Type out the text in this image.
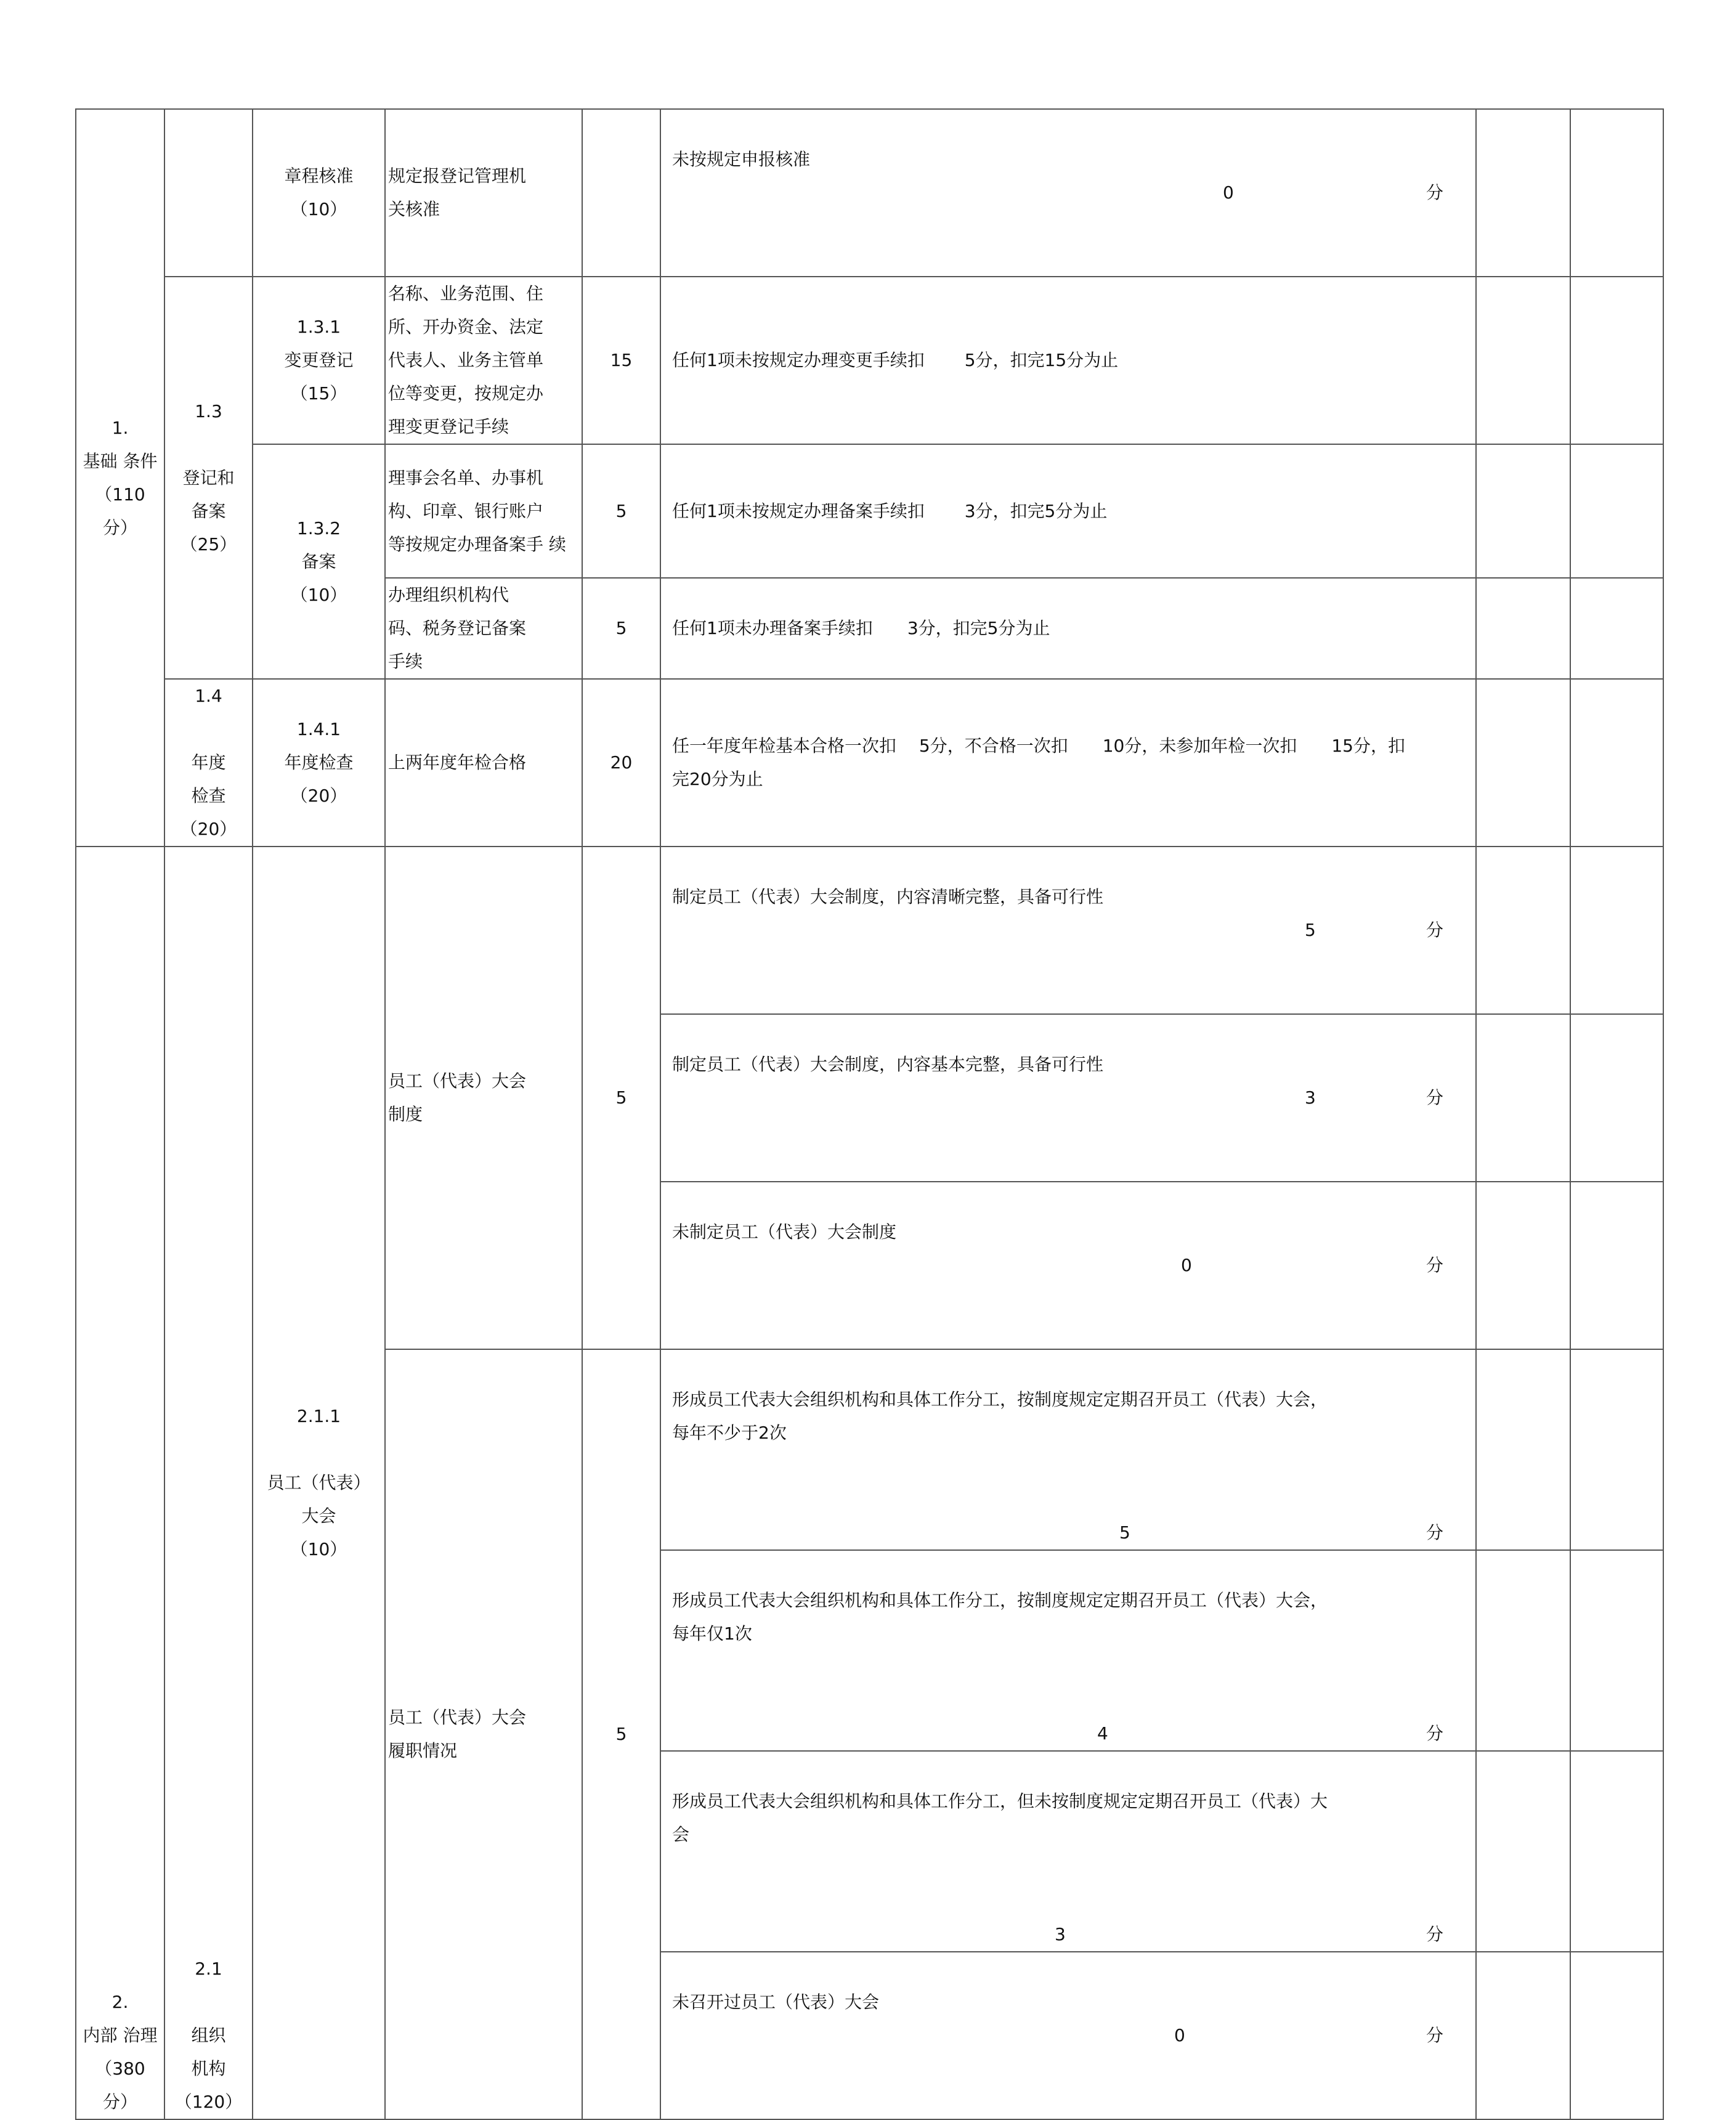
1.
基础 条件
（110
分）		章程核准
（10）	规定报登记管理机
关核准		未按规定申报核准

0 分		

	1.3

登记和
备案
（25）	1.3.1
变更登记
（15）	名称、业务范围、住
所、开办资金、法定
代表人、业务主管单
位等变更，按规定办
理变更登记手续	15	任何1项未按规定办理变更手续扣　　 5分，扣完15分为止		
		1.3.2
备案
（10）	理事会名单、办事机
构、印章、银行账户
等按规定办理备案手 续	5	任何1项未按规定办理备案手续扣　　 3分，扣完5分为止		
			办理组织机构代
码、税务登记备案
手续	5	任何1项未办理备案手续扣　　3分，扣完5分为止		
	1.4

年度
检查
（20）	1.4.1
年度检查
（20）	上两年度年检合格	20	任一年度年检基本合格一次扣　 5分，不合格一次扣　　10分，未参加年检一次扣　　15分，扣
完20分为止		
2.
内部 治理
（380
分）	2.1

组织
机构
（120）	2.1.1

员工（代表）
大会
（10）	员工（代表）大会
制度	5	制定员工（代表）大会制度，内容清晰完整，具备可行性

5 分		

					制定员工（代表）大会制度，内容基本完整，具备可行性

3 分		

					未制定员工（代表）大会制度

0 分		

			员工（代表）大会
履职情况	5	形成员工代表大会组织机构和具体工作分工，按制度规定定期召开员工（代表）大会，
每年不少于2次

5 分		

					形成员工代表大会组织机构和具体工作分工，按制度规定定期召开员工（代表）大会，
每年仅1次

4 分		

					形成员工代表大会组织机构和具体工作分工，但未按制度规定定期召开员工（代表）大
会

3 分		

					未召开过员工（代表）大会

0 分		
